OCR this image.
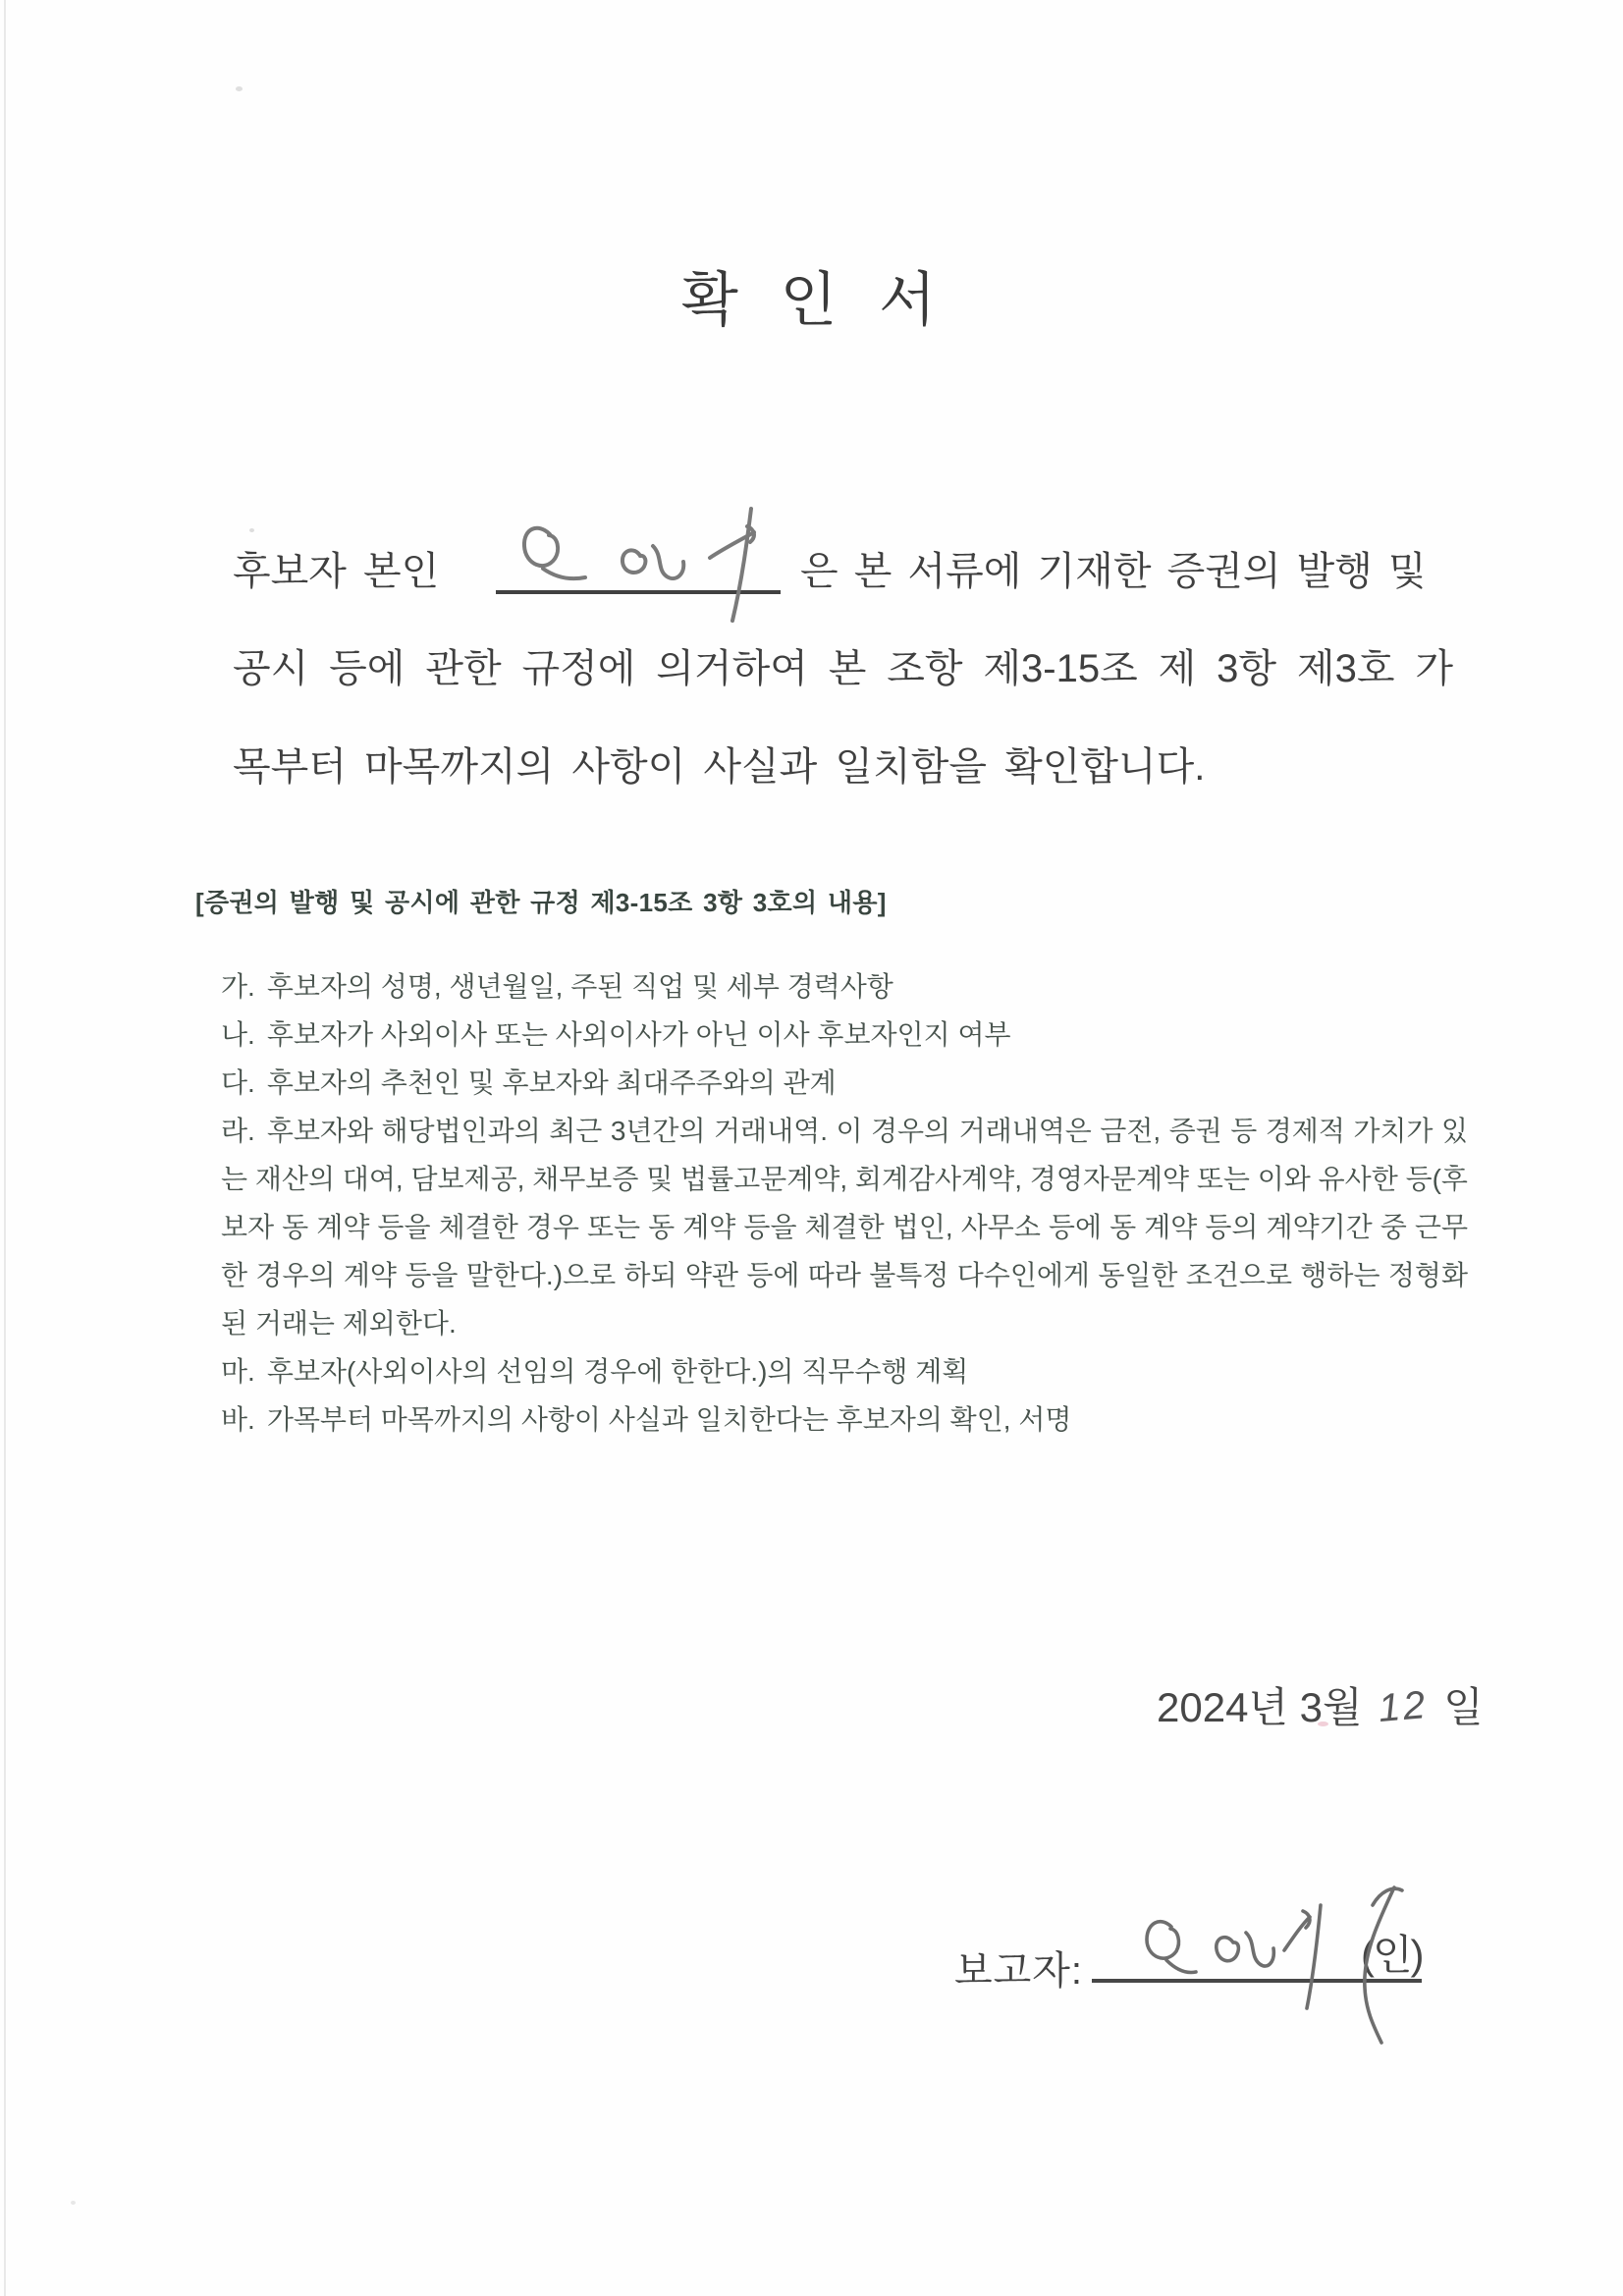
확 인 서
후보자 본인	은 본 서류에 기재한 증권의 발행 및
공시 등에 관한 규정에 의거하여 본 조항 제3-15조 제 3항 제3호 가
목부터 마목까지의 사항이 사실과 일치함을 확인합니다.
[증권의 발행 및 공시에 관한 규정 제3-15조 3항 3호의 내용]
가. 후보자의 성명, 생년월일, 주된 직업 및 세부 경력사항
나. 후보자가 사외이사 또는 사외이사가 아닌 이사 후보자인지 여부
다. 후보자의 추천인 및 후보자와 최대주주와의 관계
라. 후보자와 해당법인과의 최근 3년간의 거래내역. 이 경우의 거래내역은 금전, 증권 등 경제적 가치가 있는 재산의 대여, 담보제공, 채무보증 및 법률고문계약, 회계감사계약, 경영자문계약 또는 이와 유사한 등(후보자 동 계약 등을 체결한 경우 또는 동 계약 등을 체결한 법인, 사무소 등에 동 계약 등의 계약기간 중 근무한 경우의 계약 등을 말한다.)으로 하되 약관 등에 따라 불특정 다수인에게 동일한 조건으로 행하는 정형화된 거래는 제외한다.
마. 후보자(사외이사의 선임의 경우에 한한다.)의 직무수행 계획
바. 가목부터 마목까지의 사항이 사실과 일치한다는 후보자의 확인, 서명
2024년 3월 12 일
보고자:	(인)
